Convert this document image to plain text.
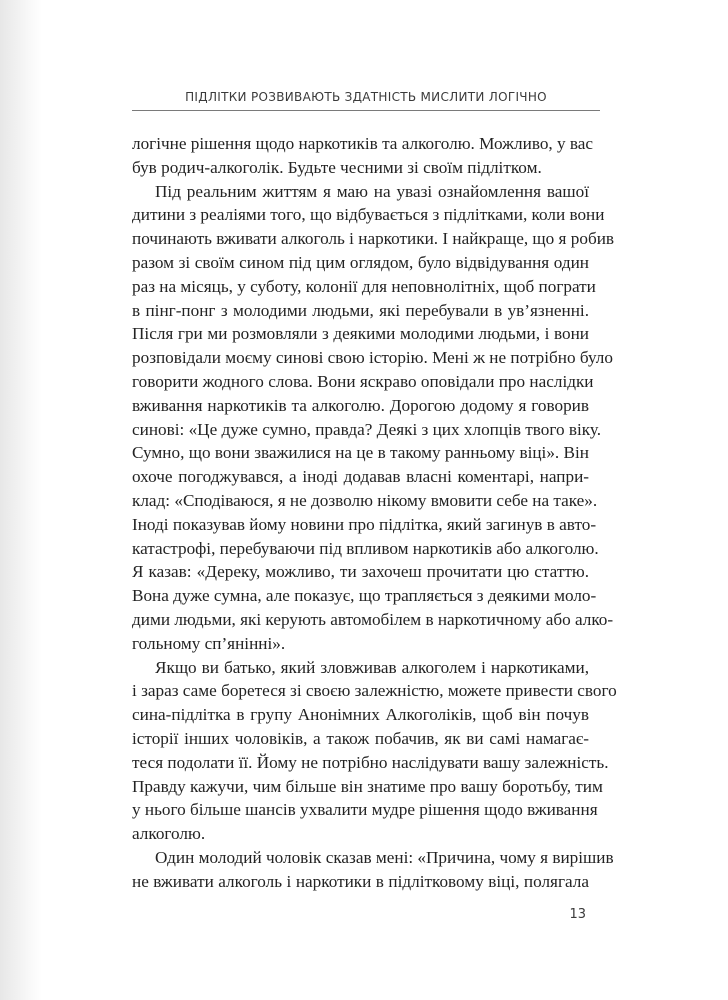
ПІДЛІТКИ РОЗВИВАЮТЬ ЗДАТНІСТЬ МИСЛИТИ ЛОГІЧНО
логічне рішення щодо наркотиків та алкоголю. Можливо, у вас
був родич-алкоголік. Будьте чесними зі своїм підлітком.
Під реальним життям я маю на увазі ознайомлення вашої
дитини з реаліями того, що відбувається з підлітками, коли вони
починають вживати алкоголь і наркотики. І найкраще, що я робив
разом зі своїм сином під цим оглядом, було відвідування один
раз на місяць, у суботу, колонії для неповнолітніх, щоб пограти
в пінг-понг з молодими людьми, які перебували в ув’язненні.
Після гри ми розмовляли з деякими молодими людьми, і вони
розповідали моєму синові свою історію. Мені ж не потрібно було
говорити жодного слова. Вони яскраво оповідали про наслідки
вживання наркотиків та алкоголю. Дорогою додому я говорив
синові: «Це дуже сумно, правда? Деякі з цих хлопців твого віку.
Сумно, що вони зважилися на це в такому ранньому віці». Він
охоче погоджувався, а іноді додавав власні коментарі, напри-
клад: «Сподіваюся, я не дозволю нікому вмовити себе на таке».
Іноді показував йому новини про підлітка, який загинув в авто-
катастрофі, перебуваючи під впливом наркотиків або алкоголю.
Я казав: «Дереку, можливо, ти захочеш прочитати цю статтю.
Вона дуже сумна, але показує, що трапляється з деякими моло-
дими людьми, які керують автомобілем в наркотичному або алко-
гольному сп’янінні».
Якщо ви батько, який зловживав алкоголем і наркотиками,
і зараз саме боретеся зі своєю залежністю, можете привести свого
сина-підлітка в групу Анонімних Алкоголіків, щоб він почув
історії інших чоловіків, а також побачив, як ви самі намагає-
теся подолати її. Йому не потрібно наслідувати вашу залежність.
Правду кажучи, чим більше він знатиме про вашу боротьбу, тим
у нього більше шансів ухвалити мудре рішення щодо вживання
алкоголю.
Один молодий чоловік сказав мені: «Причина, чому я вирішив
не вживати алкоголь і наркотики в підлітковому віці, полягала
13
